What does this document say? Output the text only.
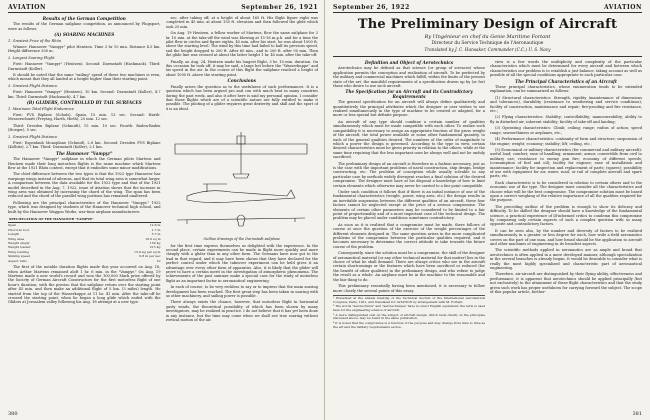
AVIATION	September 26, 1921
Results of the German Competition

The results of the German sailplane competition, as announced by Flugsport, were as follows:

(A) SOARING MACHINES

1. Greatest Prize of the Rhön

Winner: Hannover "Vampyr" pilot Hentzen. Time 3 hr 10 min. Distance 4.5 km. Height difference 300 m.

2. Longest Soaring Flight

First: Hannover "Vampyr" (Hentzen). Second: Darmstadt (Hackmack). Third: Darmstadt (Koller).

It should be noted that the same "sailing" speed of these two machines is even, which meant that they all landed at a height higher than their starting point.

3. Greatest Flight Distance

First: Hannover "Vampyr" (Hentzen), 10 km. Second: Darmstadt (Koller), 4.7 km. Third: Darmstadt (Hackmack), 4.7 km.

(B) GLIDERS, CONTROLLED BY TAIL SURFACES

1. Maximum Total Flight Endurance

First: FVS Biplane (Schulz), Spain, 15 min. 13 sec. Second: Harth-Messerschmitt (Freytag, Harth, Hirth), 25 min. 12 sec.

Third: Dresden Biplane (Schmidt), 15 min. 10 sec. Fourth: Baden-Baden (Hoeger), 5 sec.

2. Greatest Flight Distance

First: Espenlaub Monoplane (Schmid), 2.8 km. Second: Dresden FVS Biplane (Kolbitz), 2.7 km. Third: Darmstadt (Koller), 2.1 km.

The Hannover "Vampyr"

The Hannover "Vampyr" sailplane in which the German pilots Martens and Hentzen made their long motorless flights is the same machine which Martens flew at the 1921 Rhön contest, except that it embodies some minor modifications.

The chief difference between the two types is that the 1922 type Hannover has warpings wings instead of ailerons, and that its total wing area is somewhat larger. A comparison between the data available for the 1922 type and that of the 1921 model described in the Aug. 7, 1922, issue of Aviation shows that the increase in wing area was obtained by increasing the chord of the wing. The span has been reduced and the chord of the parallel wing portions has remained unaltered.

Following are the principal characteristics of the Hannover "Vampyr," 1922 type, which was designed by students of the Hannover technical high school, and built by the Hannover Waggon Works, war-time airplane manufacturers:

SPECIFICATION OF THE HANNOVER "VAMPYR"	
Span	12.6 m
Chord at root	1.7 m
Length	5.7 m
Wing area	16.0 sq m
Weight empty	150 kg
Weight loaded	215 kg
Wing loading	13.4 kg per sq m
Sinking speed	0.8 m per sec
Aspect ratio	10

The first of the notable duration flights made this year occurred on Aug. 18, when Arthur Martens remained aloft 1 hr. 6 min. in the "Vampyr." On Aug. 19 Martens made a new world's record and won the 100,000 Mark prize offered by the Society of German Aircraft Constructors for the first motorless flight of one hour's duration, with the proviso that the sailplane return over the starting point after 45 min. and then make an additional flight of 5 km. (3 miles) length. He started from the top of the Wasserkuppe at 11 hr. 41 min. After the take-off he crossed the starting point, when he began a long glide which ended with the Gliders at Jerusalem valley following his Aug. 18 attempt at a new type.

sec. after taking off, at a height of about 165 ft. His flight figure eight was completed in 45 min. at about 150 ft. elevation and then followed the glide which took 25 min.

On Aug. 19 Hentzen, a fellow worker of Martens, flew the same sailplane for 2 hr. 10 min. at the take-off the wind was blowing at 15-16 m.p.h. and for a time the pilot flew in circles and figure eights, 45 min. after his start, he was about 1000 ft. above the starting level. The wind by this time had failed to half its previous speed, and the height dropped to 200 ft. After 60 min., and to 200 ft. after 90 min. Then the glide line was crossed at about the latter height 1 hr. 45 min. after the take-off.

Finally, on Aug. 24, Hentzen made his longest flight, 3 hr. 10 min. duration. On this occasion he took off, it may be said, a large bet before the "Wasserkuppe" and his speed in the air. In the course of this flight the sailplane reached a height of about 1000 ft. above the starting point.

Conclusions

Finally arises the question as to the usefulness of such performances. It is a question which has been argued pro and con with much heat in many countries during the past week, and also it after here is said my personal opinion. I consider that those flights which are of a scientific nature are fully entitled to make it possible. The piloting of a glider requires great dexterity and skill and the sport of it is an ideal.

Outline drawings of the Darmstadt sailplane

for the first time express themselves as delighted with the experience. In the second place, certain experiments can be made in flight more quickly and more cheaply with a glider than in any other form. The Germans have now got to the lead in that regard, and it may have been shown that they have declared for the perfect control under which the takeover experiment can be held gives it an advantage over every other form of apparatus. Also, it is likely that the glider will prove to have a certain merit in the investigation of atmospheric phenomena. The achievements of the past summer make a special case for the study of motorless flight as an important factor in aeronautical engineering.

In each of course, to be very reckless to say or to impress that the main soaring development has been reached. The first great step has been taken in soaring with no other machinery, and sailing power is possible.

There always exists the chance, however, that motorless flight in horizontal gusty winds, the theoretical possibility of which has been shown by many investigators, may be realized in practice. I do not believe that it has yet been done in any instance, but the time may come when we shall see true soaring without vertical motion of the air.

380
September 26, 1922	AVIATION
The Preliminary Design of Aircraft

By l'Ingénieur en chef du Genie Maritime Fortant

Directeur du Service Technique de l'Aeronautique

Translated by J. C. Hunsaker, Commander (C.C.) U. S. Navy

Definition and Object of Aerotechnics

Aerotechnics may be defined as that science (or group of sciences) whose application permits the conception and realization of aircraft. To be perfected by the military and commercial machines which fulfill, within the limits of the present state of the art, the manifold requirements of a specification drawn up by (or for) those who desire to use such aircraft.

The Specification for an Aircraft and its Contradictory Requirements

The general specification for an aircraft will always define qualitatively and quantitatively the principal attributes which the designer or user wishes to see realized simultaneously in the type of machine to be created or adapted, for a more or less special but definite purpose.

An aircraft of any type should combine a certain number of qualities simultaneously which must be made compatible with each other. To realize such compatibility it is necessary to assign an appropriate fraction of the gross weight of the aircraft, the total power available or some other fundamental quantity, to each of the general qualities desired. The numbers of the order of magnitude to which a power the design is governed. According to the type in view, certain desired characteristics must be given priority in relation to the others, while at the same time requiring that the less important ones be always well and not be unduly sacrificed.

The preliminary design of an aircraft is therefore in a fashion necessary, just as is the case with the important problems of naval construction, ship design, bridge constructing, etc. The problem of conception while usually solvable in any particular case by methods widely divergent reaches a final solution of the desired compromise. The designer must have at his disposal a knowledge of how to limit certain elements which otherwise may never be carried to a fair point compatible.

Under such condition it follows that if there is an initial instance of one of the fundamental characteristics (weight, power, wing area, etc.) the design results in an inevitable suspension between the different qualities of an aircraft, these four factors cannot be neglected except at the price of a serious compromise. The elements of certain other parameters may be considered to be limited to a fair point of proportionality and of a most important case of the technical design. The problem may be placed under conditions sometimes contradictory.

As soon as it is realized that a compromise must be made, there follows of course at once the question of the exercise of the weight percentages of the different elements designed in. The same question arises in the more complicated problems of the compromise between the particular qualities required, and it becomes necessary to determine the correct attitude to take towards the future course of the problem.

Consequently, since the solution must be a compromise, the skill of the designer of aeronautical material (or any other technical material for that matter) lies in the choice of what he shall demand. There are always critics who see in the aircraft certain shortcomings or the features which have been sacrificed or reduced (for the benefit of other qualities) in the preliminary design, and who refuse to judge the result as a whole. An airplane must be in the machine to the reasonable and the fair thing to do.

This preliminary essentially having been mentioned, it is necessary to follow more closely the several points of this essay.

¹ Presented at the annual meeting of the Technical Section of the International Aeronautical Congress, Paris, 1921, and translated for AVIATION by arrangement with M. Fortant.
² The words "aerotechnics" and "aerotechnique" have no exact English equivalent; the term is used here for the engineering science of aircraft.
³ A more distinguished text on the subject of aircraft design, which rests chiefly on the principles discussed above, may be found in the same publication.
⁴ It is noted that the compromise is a function of the purpose and may change from time to time as the art and the military requirements evolve.

view is a few words the multiplicity and complexity of the particular characteristics which must be determined for every aircraft and between which characteristics our problem is to establish a just balance, taking account as well as possible of all the special conditions appropriate to each particular case.

The Principal Characteristics of an Aircraft

These principal characteristics, whose enumeration tends to be extended explanation, can be summarized as follows:

(1) Structural characteristics: Strength, rigidity (maintenance of dimensions and tolerances), durability (resistance to weathering and service conditions); facility of construction, maintenance and repair; fire-proofing and fire resistance, etc.;

(2) Flying characteristics: Stability; controllability; manoeuvrability; ability to fly in disturbed air; inherent stability; facility of take-off and landing;

(3) Operating characteristics: Climb; ceiling; range; radius of action; speed range; seaworthiness or airplanes, etc.;

(4) Performance characteristics: continuity of form and structure; suspension of the engine; weight; economy; stability; lift; ceiling, etc.;

(5) Economical or military characteristics (for commercial and military aircraft): useful load; comfort; ease of handling; armament; armor, convertible from civil to military use; resistance to enemy gun fire; economy of different speeds; (consumption of fuel and oil); facility for engines; ease of installation and maintenance; facility for inspection and replacement of parts; (spares); possibility of use with equipment for air, water, road, or rail of complete aircraft and spare parts, etc.

Each characteristic is to be considered in relation to certain others and to the economic use of the type. The designer must consider all the characteristics and choose what will be the best compromise. The compromise solution must be based upon a correct weighing of the relative importance of all the qualities required for the purpose.

The preceding outline of the problem is enough to show its delicacy and difficulty. To be skilled the designer should have a knowledge of the fundamental science, a practical experience of ill-informed critics to condemn this compromise by comparing only certain aspects of such a complex question with so many opposite and contradictory factors.

It can be seen also, by the number and diversity of factors to be realized simultaneously in a greater or less degree for each, how wide a field aeronautics covers on the part of one man, and how broad should be the application to aircraft and other machines of engineering in its broadest aspects.

The scientific methods applied in aeronautics are as ample and broad that aerotechnics is often applied in a more developed manner, although specialization in the several branches is already begun. It would be desirable to consider what is really the most highly specialized and characteristic part of aeronautical engineering.

Therefore, air-aircraft are distinguished by their flying ability, effectiveness and performance, it is apparent that aerotechnics should be applied principally (but not exclusively) to the attainment of these flight characteristics and that the study given such work has proper usefulness for carrying forward the subject. The scope of this popular article, further-

381
